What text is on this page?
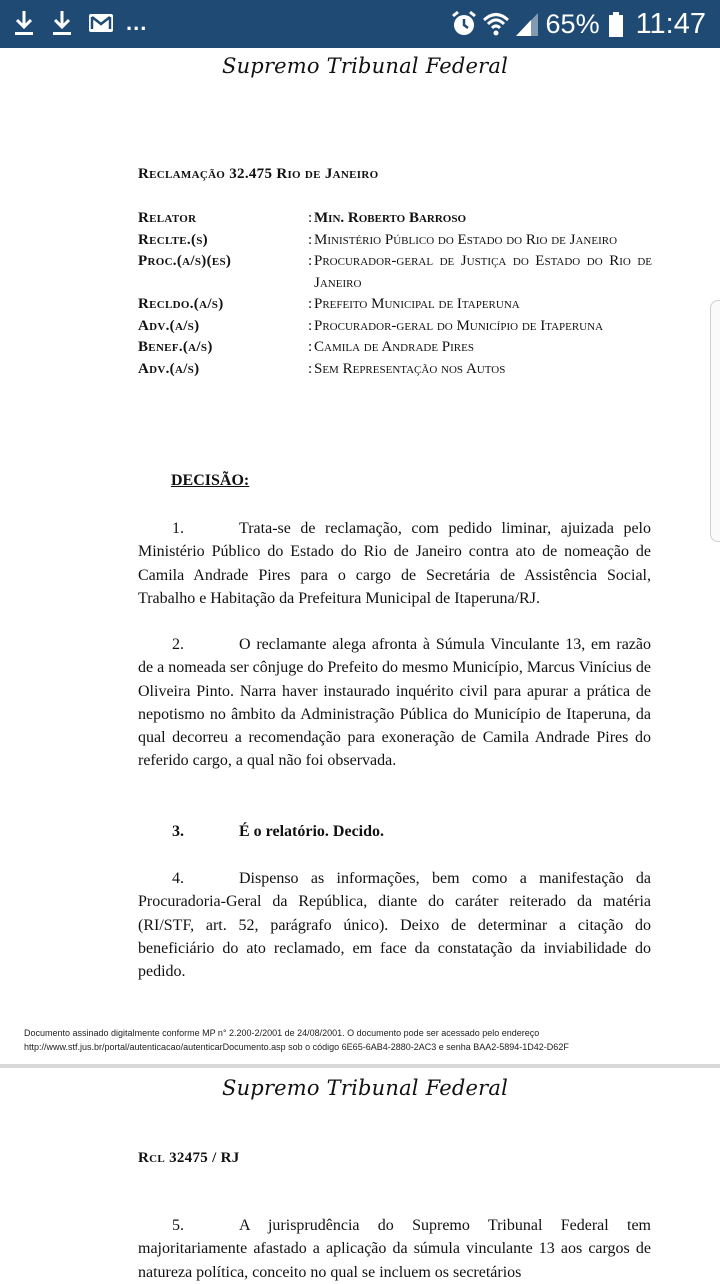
...	65% 11:47
Supremo Tribunal Federal
Reclamação 32.475 Rio de Janeiro
Relator	: Min. Roberto Barroso
Reclte.(s)	: Ministério Público do Estado do Rio de Janeiro
Proc.(a/s)(es)	: Procurador-geral de Justiça do Estado do Rio de Janeiro
Recldo.(a/s)	: Prefeito Municipal de Itaperuna
Adv.(a/s)	: Procurador-geral do Município de Itaperuna
Benef.(a/s)	: Camila de Andrade Pires
Adv.(a/s)	: Sem Representação nos Autos
DECISÃO:
1.	Trata-se de reclamação, com pedido liminar, ajuizada pelo Ministério Público do Estado do Rio de Janeiro contra ato de nomeação de Camila Andrade Pires para o cargo de Secretária de Assistência Social, Trabalho e Habitação da Prefeitura Municipal de Itaperuna/RJ.
2.	O reclamante alega afronta à Súmula Vinculante 13, em razão de a nomeada ser cônjuge do Prefeito do mesmo Município, Marcus Vinícius de Oliveira Pinto. Narra haver instaurado inquérito civil para apurar a prática de nepotismo no âmbito da Administração Pública do Município de Itaperuna, da qual decorreu a recomendação para exoneração de Camila Andrade Pires do referido cargo, a qual não foi observada.
3.	É o relatório. Decido.
4.	Dispenso as informações, bem como a manifestação da Procuradoria-Geral da República, diante do caráter reiterado da matéria (RI/STF, art. 52, parágrafo único). Deixo de determinar a citação do beneficiário do ato reclamado, em face da constatação da inviabilidade do pedido.
Documento assinado digitalmente conforme MP n° 2.200-2/2001 de 24/08/2001. O documento pode ser acessado pelo endereço
http://www.stf.jus.br/portal/autenticacao/autenticarDocumento.asp sob o código 6E65-6AB4-2880-2AC3 e senha BAA2-5894-1D42-D62F
Supremo Tribunal Federal
Rcl 32475 / RJ
5.	A jurisprudência do Supremo Tribunal Federal tem majoritariamente afastado a aplicação da súmula vinculante 13 aos cargos de natureza política, conceito no qual se incluem os secretários
